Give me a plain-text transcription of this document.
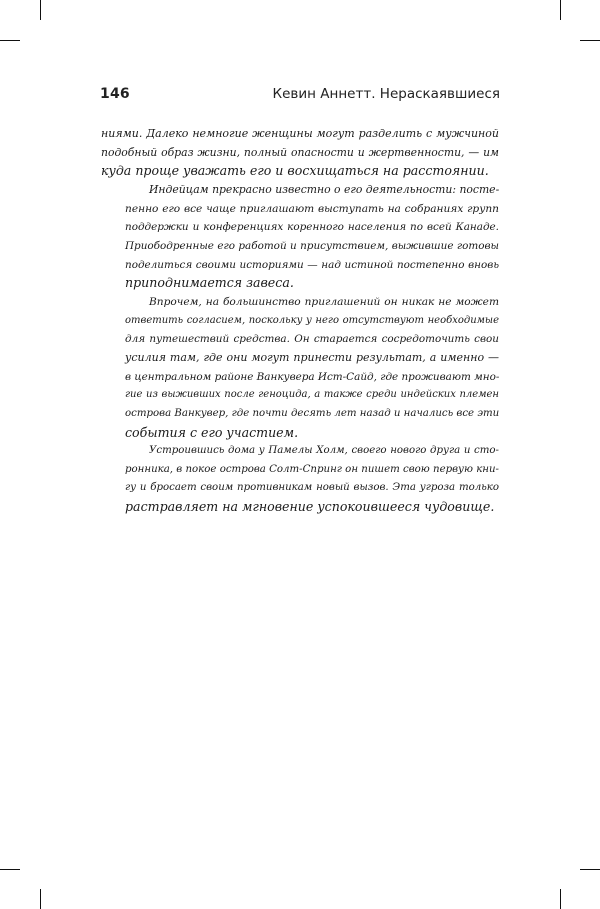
146	Кевин Аннетт. Нераскаявшиеся

ниями. Далеко немногие женщины могут разделить с мужчиной
подобный образ жизни, полный опасности и жертвенности, — им
куда проще уважать его и восхищаться на расстоянии.

Индейцам прекрасно известно о его деятельности: посте-
пенно его все чаще приглашают выступать на собраниях групп
поддержки и конференциях коренного населения по всей Канаде.
Приободренные его работой и присутствием, выжившие готовы
поделиться своими историями — над истиной постепенно вновь
приподнимается завеса.

Впрочем, на большинство приглашений он никак не может
ответить согласием, поскольку у него отсутствуют необходимые
для путешествий средства. Он старается сосредоточить свои
усилия там, где они могут принести результат, а именно —
в центральном районе Ванкувера Ист-Сайд, где проживают мно-
гие из выживших после геноцида, а также среди индейских племен
острова Ванкувер, где почти десять лет назад и начались все эти
события с его участием.

Устроившись дома у Памелы Холм, своего нового друга и сто-
ронника, в покое острова Солт-Спринг он пишет свою первую кни-
гу и бросает своим противникам новый вызов. Эта угроза только
растравляет на мгновение успокоившееся чудовище.
